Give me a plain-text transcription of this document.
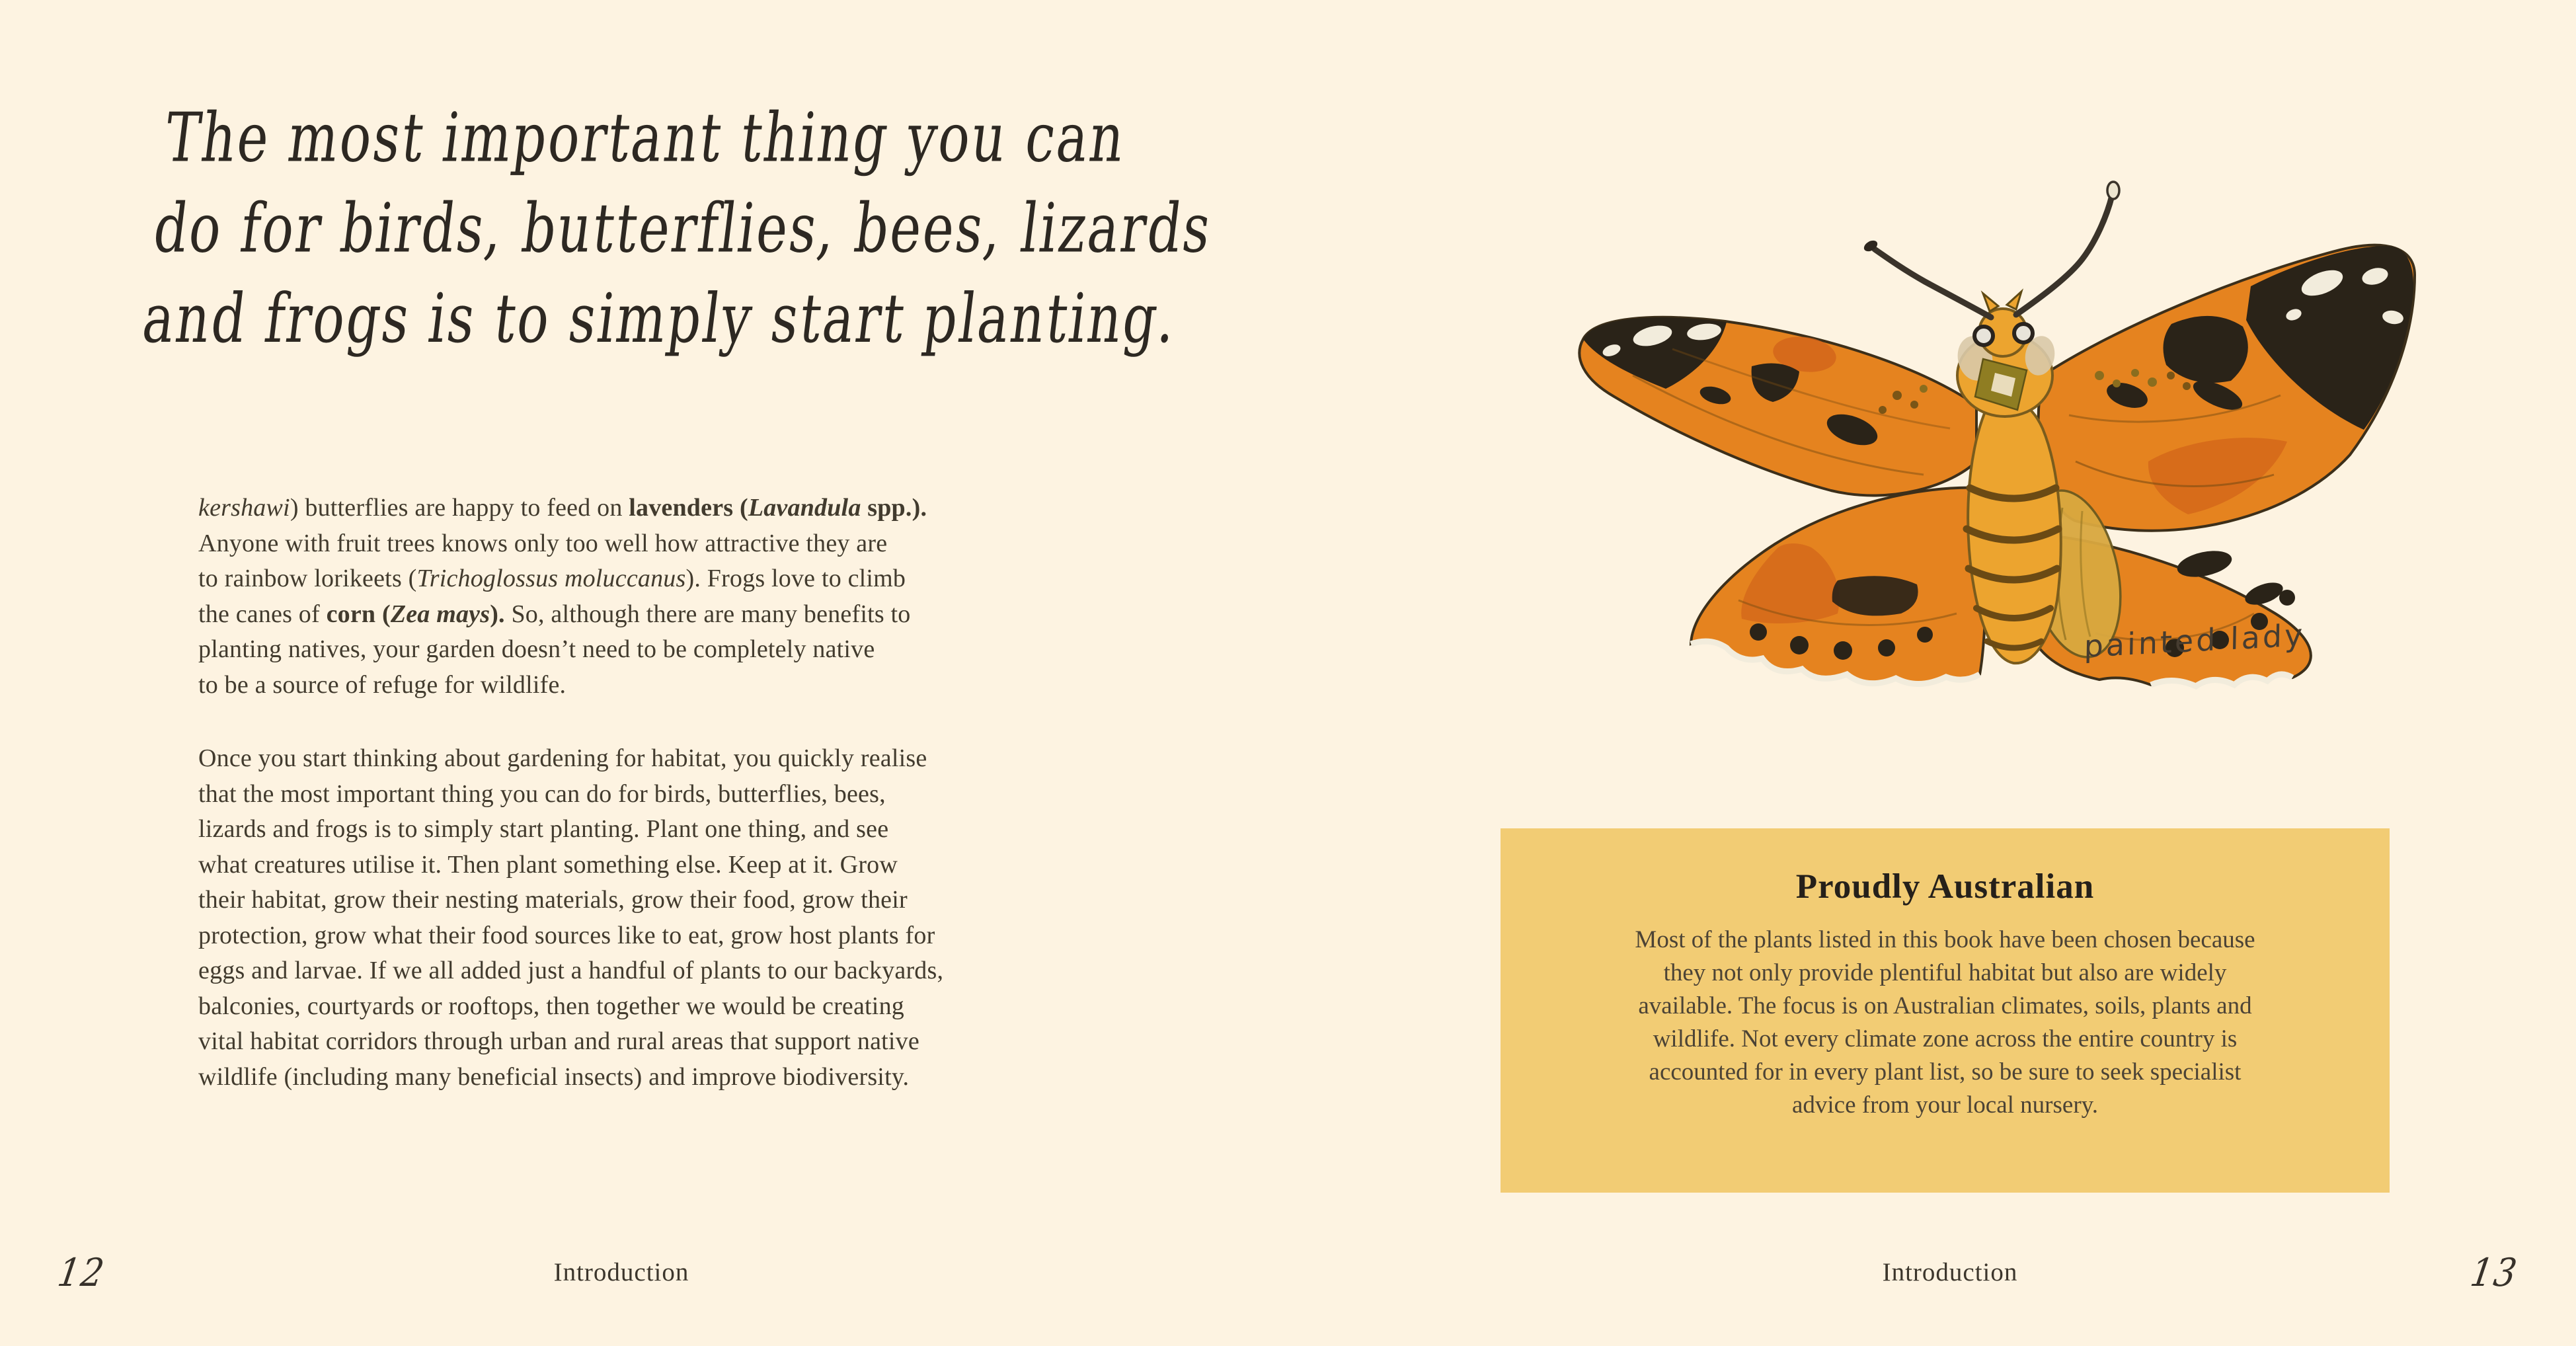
The most important thing you can
do for birds, butterflies, bees, lizards
and frogs is to simply start planting.
kershawi) butterflies are happy to feed on lavenders (Lavandula spp.).
Anyone with fruit trees knows only too well how attractive they are
to rainbow lorikeets (Trichoglossus moluccanus). Frogs love to climb
the canes of corn (Zea mays). So, although there are many benefits to
planting natives, your garden doesn’t need to be completely native
to be a source of refuge for wildlife.
Once you start thinking about gardening for habitat, you quickly realise
that the most important thing you can do for birds, butterflies, bees,
lizards and frogs is to simply start planting. Plant one thing, and see
what creatures utilise it. Then plant something else. Keep at it. Grow
their habitat, grow their nesting materials, grow their food, grow their
protection, grow what their food sources like to eat, grow host plants for
eggs and larvae. If we all added just a handful of plants to our backyards,
balconies, courtyards or rooftops, then together we would be creating
vital habitat corridors through urban and rural areas that support native
wildlife (including many beneficial insects) and improve biodiversity.
12	Introduction
painted lady
Proudly Australian
Most of the plants listed in this book have been chosen because
they not only provide plentiful habitat but also are widely
available. The focus is on Australian climates, soils, plants and
wildlife. Not every climate zone across the entire country is
accounted for in every plant list, so be sure to seek specialist
advice from your local nursery.
Introduction	13
